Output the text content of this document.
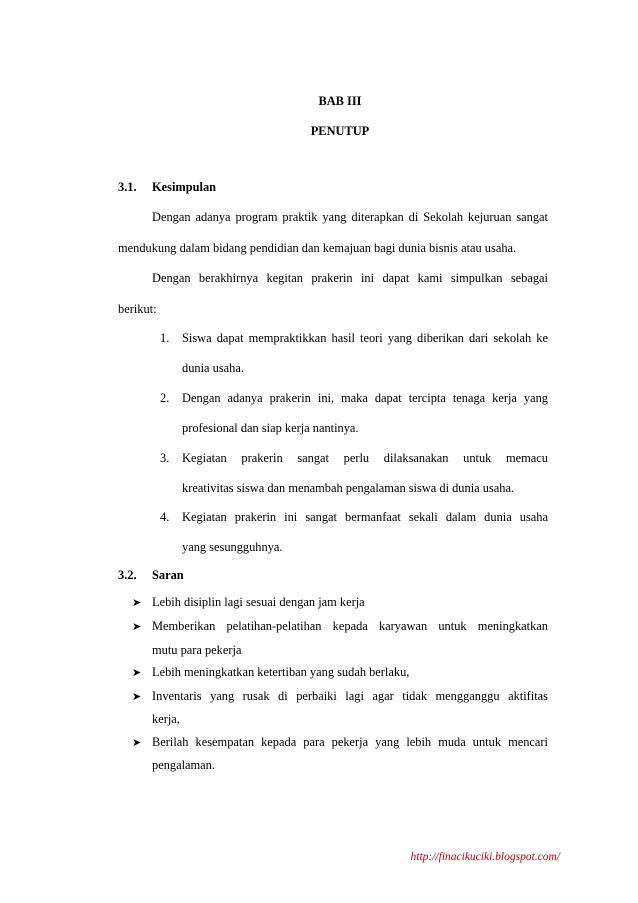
BAB III
PENUTUP
3.1. Kesimpulan
Dengan adanya program praktik yang diterapkan di Sekolah kejuruan sangat
mendukung dalam bidang pendidian dan kemajuan bagi dunia bisnis atau usaha.
Dengan berakhirnya kegitan prakerin ini dapat kami simpulkan sebagai
berikut:
1. Siswa dapat mempraktikkan hasil teori yang diberikan dari sekolah ke
dunia usaha.
2. Dengan adanya prakerin ini, maka dapat tercipta tenaga kerja yang
profesional dan siap kerja nantinya.
3. Kegiatan prakerin sangat perlu dilaksanakan untuk memacu
kreativitas siswa dan menambah pengalaman siswa di dunia usaha.
4. Kegiatan prakerin ini sangat bermanfaat sekali dalam dunia usaha
yang sesungguhnya.
3.2. Saran
➤ Lebih disiplin lagi sesuai dengan jam kerja
➤ Memberikan pelatihan-pelatihan kepada karyawan untuk meningkatkan
mutu para pekerja
➤ Lebih meningkatkan ketertiban yang sudah berlaku,
➤ Inventaris yang rusak di perbaiki lagi agar tidak mengganggu aktifitas
kerja,
➤ Berilah kesempatan kepada para pekerja yang lebih muda untuk mencari
pengalaman.
http://finacikuciki.blogspot.com/
